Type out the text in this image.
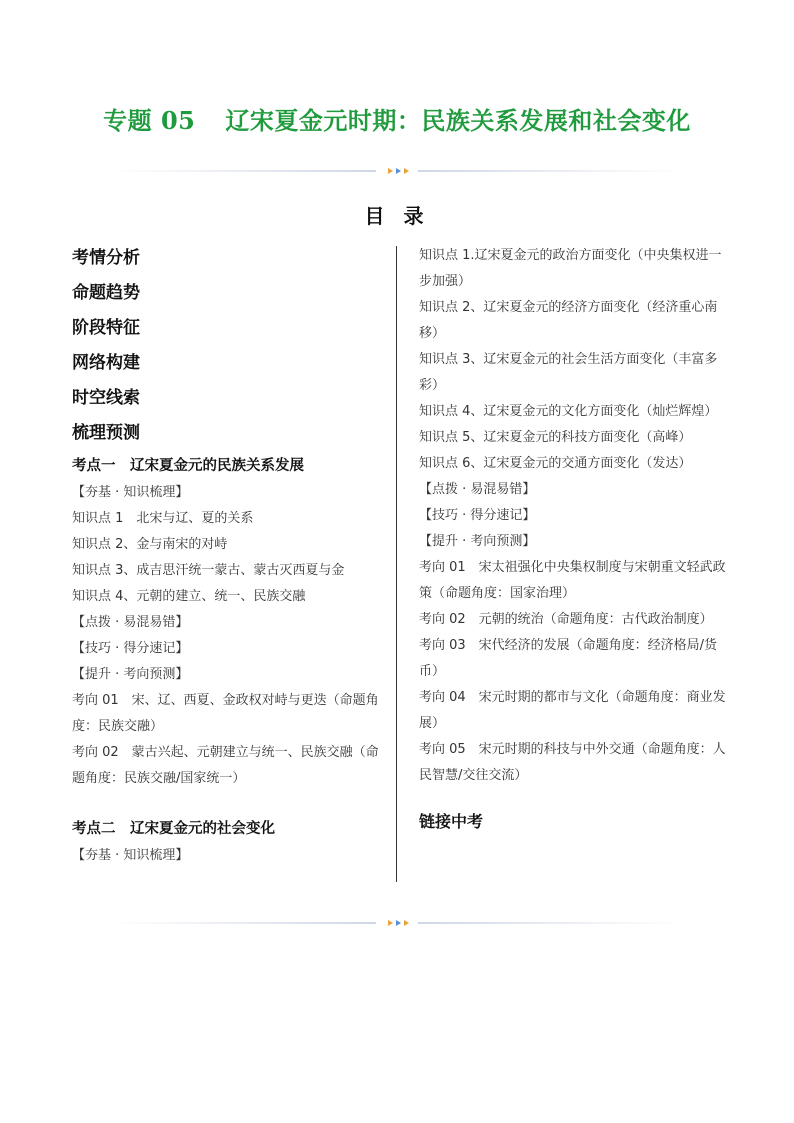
专题 05 辽宋夏金元时期：民族关系发展和社会变化
目 录
考情分析
命题趋势
阶段特征
网络构建
时空线索
梳理预测
考点一　辽宋夏金元的民族关系发展
【夯基 · 知识梳理】
知识点 1　北宋与辽、夏的关系
知识点 2、金与南宋的对峙
知识点 3、成吉思汗统一蒙古、蒙古灭西夏与金
知识点 4、元朝的建立、统一、民族交融
【点拨 · 易混易错】
【技巧 · 得分速记】
【提升 · 考向预测】
考向 01　宋、辽、西夏、金政权对峙与更迭（命题角度：民族交融）
考向 02　蒙古兴起、元朝建立与统一、民族交融（命题角度：民族交融/国家统一）
考点二　辽宋夏金元的社会变化
【夯基 · 知识梳理】
知识点 1.辽宋夏金元的政治方面变化（中央集权进一步加强）
知识点 2、辽宋夏金元的经济方面变化（经济重心南移）
知识点 3、辽宋夏金元的社会生活方面变化（丰富多彩）
知识点 4、辽宋夏金元的文化方面变化（灿烂辉煌）
知识点 5、辽宋夏金元的科技方面变化（高峰）
知识点 6、辽宋夏金元的交通方面变化（发达）
【点拨 · 易混易错】
【技巧 · 得分速记】
【提升 · 考向预测】
考向 01　宋太祖强化中央集权制度与宋朝重文轻武政策（命题角度：国家治理）
考向 02　元朝的统治（命题角度：古代政治制度）
考向 03　宋代经济的发展（命题角度：经济格局/货币）
考向 04　宋元时期的都市与文化（命题角度：商业发展）
考向 05　宋元时期的科技与中外交通（命题角度：人民智慧/交往交流）
链接中考
